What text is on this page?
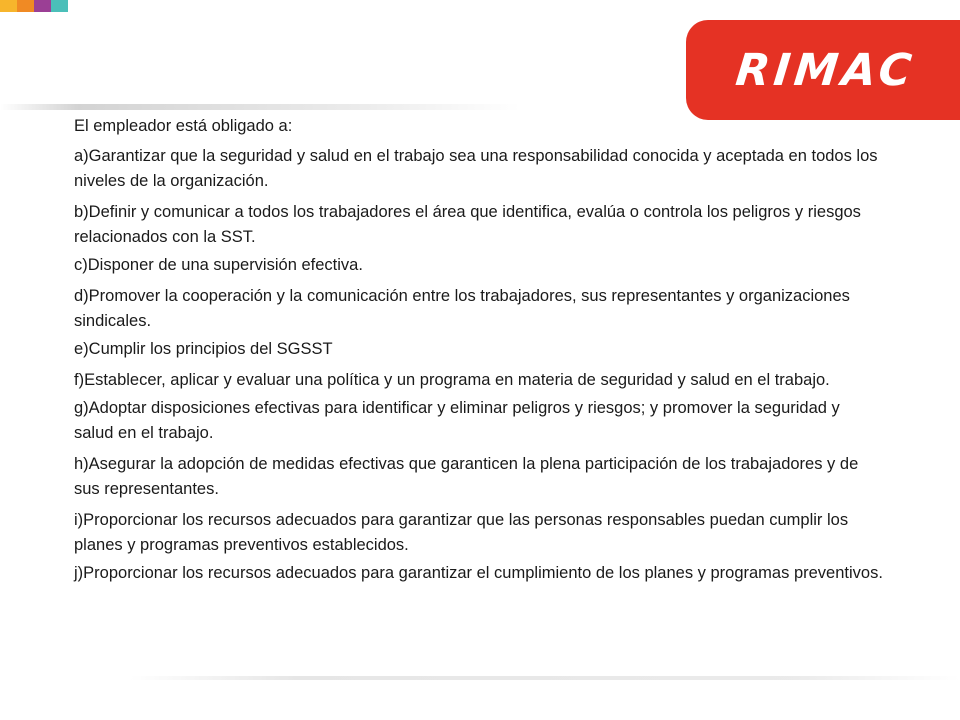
RIMAC

El empleador está obligado a:

a)Garantizar que la seguridad y salud en el trabajo sea una responsabilidad conocida y aceptada en todos los niveles de la organización.

b)Definir y comunicar a todos los trabajadores el área que identifica, evalúa o controla los peligros y riesgos relacionados con la SST.

c)Disponer de una supervisión efectiva.

d)Promover la cooperación y la comunicación entre los trabajadores, sus representantes y organizaciones sindicales.

e)Cumplir los principios del SGSST

f)Establecer, aplicar y evaluar una política y un programa en materia de seguridad y salud en el trabajo.

g)Adoptar disposiciones efectivas para identificar y eliminar peligros y riesgos; y promover la seguridad y salud en el trabajo.

h)Asegurar la adopción de medidas efectivas que garanticen la plena participación de los trabajadores y de sus representantes.

i)Proporcionar los recursos adecuados para garantizar que las personas responsables puedan cumplir los planes y programas preventivos establecidos.

j)Proporcionar los recursos adecuados para garantizar el cumplimiento de los planes y programas preventivos.
